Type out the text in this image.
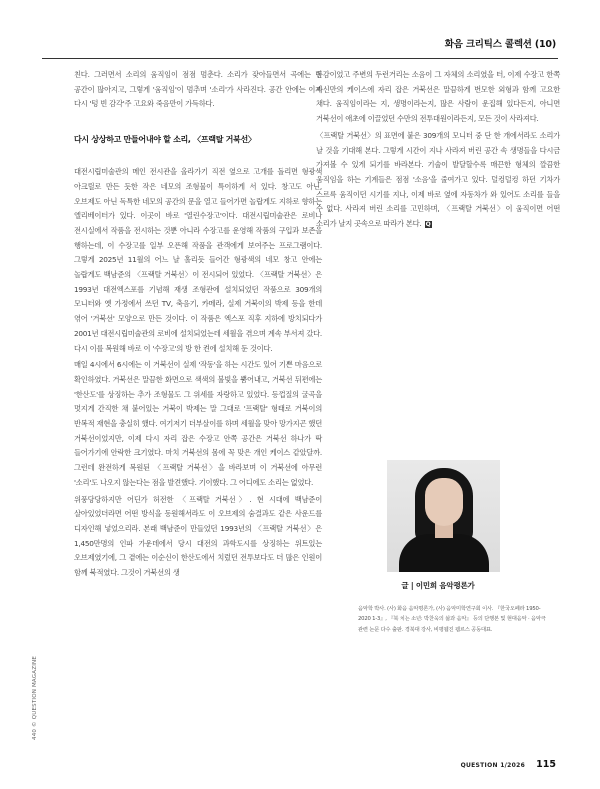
화음 크리틱스 콜렉션 (10)

친다. 그러면서 소리의 움직임이 점점 멈춘다. 소리가 잦아들면서 곡에는 빈 공간이 많아지고, 그렇게 '움직임'이 멈추며 '소리'가 사라진다. 공간 안에는 이제 다시 '텅 빈 감각'주 고요와 죽음만이 가득하다.

다시 상상하고 만들어내야 할 소리, 〈프랙탈 거북선〉

대전시립미술관의 메인 전시관을 올라가기 직전 옆으로 고개를 돌리면 형광색 아크릴로 만든 듯한 작은 네모의 조형물이 특이하게 서 있다. 창고도 아닌, 오브제도 아닌 독특한 네모의 공간의 문을 열고 들어가면 놀랍게도 지하로 향하는 엘리베이터가 있다. 이곳이 바로 '열린수장고'이다. 대전시립미술관은 로비나 전시실에서 작품을 전시하는 것뿐 아니라 수장고를 운영해 작품의 구입과 보존을 행하는데, 이 수장고를 일부 오픈해 작품을 관객에게 보여주는 프로그램이다. 그렇게 2025년 11월의 어느 날 홀리듯 들어간 형광색의 네모 창고 안에는 놀랍게도 백남준의 〈프랙탈 거북선〉이 전시되어 있었다. 〈프랙탈 거북선〉은 1993년 대전엑스포를 기념해 재생 조형관에 설치되었던 작품으로 309개의 모니터와 옛 가정에서 쓰던 TV, 축음기, 카메라, 실제 거북이의 박제 등을 한데 엮어 '거북선' 모양으로 만든 것이다. 이 작품은 엑스포 직후 지하에 방치되다가 2001년 대전시립미술관의 로비에 설치되었는데 세월을 겪으며 계속 부서져 갔다. 다시 이를 복원해 바로 이 '수장고'의 방 한 켠에 설치해 둔 것이다.

매일 4시에서 6시에는 이 거북선이 실제 '작동'을 하는 시간도 있어 기쁜 마음으로 확인하였다. 거북선은 말끔한 화면으로 색색의 불빛을 뿜어내고, 거북선 뒤편에는 '한산도'를 상징하는 추가 조형물도 그 위세를 자랑하고 있었다. 등껍질의 굴곡을 멋지게 간직한 채 붙어있는 거북이 박제는 말 그대로 '프랙탈' 형태로 거북이의 반복적 재현을 충실히 했다. 여기저기 더부살이를 하며 세월을 맞아 망가지곤 했던 거북선이었지만, 이제 다시 자리 잡은 수장고 안쪽 공간은 거북선 하나가 딱 들어가기에 안락한 크기였다. 마치 거북선의 몸에 꼭 맞은 개인 케이스 같았달까. 그런데 완전하게 복원된 〈프랙탈 거북선〉을 바라보며 이 거북선에 아무런 '소리'도 나오지 않는다는 점을 발견했다. 기이했다. 그 어디에도 소리는 없었다.

위풍당당하지만 어딘가 허전한 〈프랙탈 거북선〉. 현 시대에 백남준이 살아있었더라면 어떤 방식을 동원해서라도 이 오브제의 숨결과도 같은 사운드를 디자인해 넣었으리라. 본래 백남준이 만들었던 1993년의 〈프랙탈 거북선〉은 1,450만명의 인파 가운데에서 당시 대전의 과학도시를 상징하는 위트있는 오브제였기에, 그 곁에는 이순신이 한산도에서 치렀던 전투보다도 더 많은 인원이 함께 북적였다. 그것이 거북선의 생

동감이었고 주변의 두런거리는 소음이 그 자체의 소리였을 터, 이제 수장고 한쪽 자신만의 케이스에 자리 잡은 거북선은 말끔하게 번모한 외형과 함께 고요한 채다. 움직임이라는 지, 생명이라는지, 많은 사람이 운집해 있다든지, 아니면 거북선이 애초에 이끌었던 수만의 전투대원이라든지, 모든 것이 사라져다.

〈프랙탈 거북선〉의 표면에 붙은 309개의 모니터 중 단 한 개에서라도 소리가 날 것을 기대해 본다. 그렇게 시간이 지나 사라져 버린 공간 속 생명들을 다시금 가져볼 수 있게 되기를 바라본다. 기술이 발달할수록 매끈한 형체의 깔끔한 움직임을 하는 기계들은 점점 '소음'을 줄여가고 있다. 덜컹덜컹 하던 기차가 스르륵 움직이던 시기를 지나, 이제 바로 옆에 자동차가 와 있어도 소리를 들을 수 없다. 사라져 버린 소리를 고민하며, 〈프랙탈 거북선〉이 움직이면 어떤 소리가 날지 곳속으로 따라가 본다. Q

글 | 이민희 음악평론가

음악학 박사. (사) 화음 음악평론가, (사) 음악미학연구회 이사. 『한국오페라 1950-2020 1-3』, 『북 치는 소년: 박찬욱의 삶과 음악』 등의 단행본 및 현대음악 · 음악극 관련 논문 다수 출판. 경북대 강사, 비평웹진 웹르스 공동대표.

440 © QUESTION MAGAZINE
QUESTION 1/2026 115
